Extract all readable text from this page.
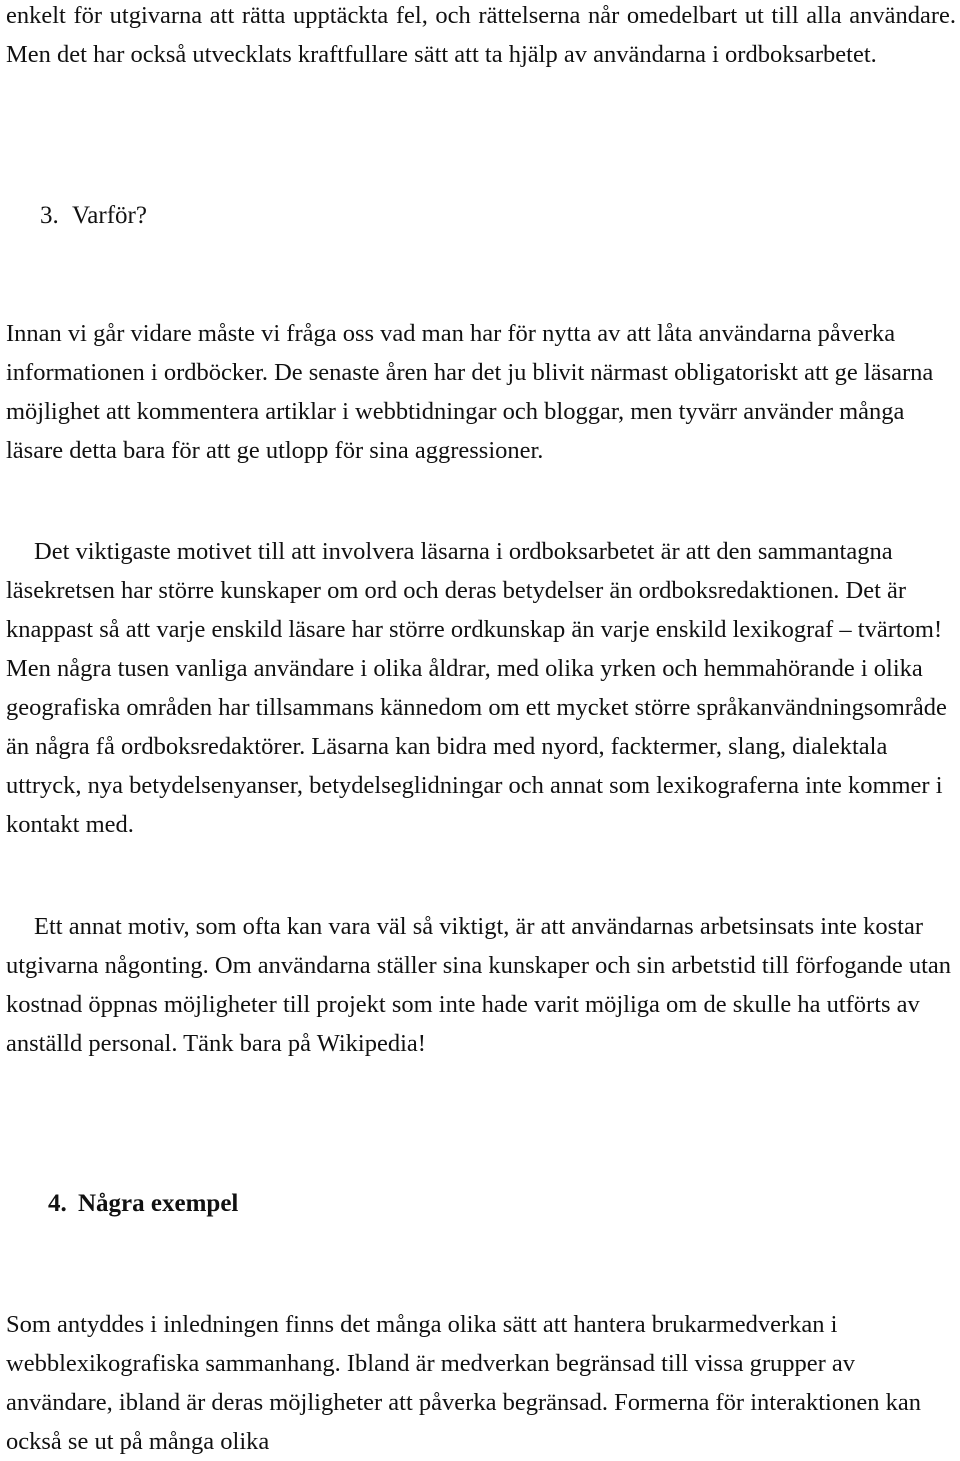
enkelt för utgivarna att rätta upptäckta fel, och rättelserna når omedelbart ut till alla användare. Men det har också utvecklats kraftfullare sätt att ta hjälp av användarna i ordboksarbetet.

3. Varför?

Innan vi går vidare måste vi fråga oss vad man har för nytta av att låta användarna påverka informationen i ordböcker. De senaste åren har det ju blivit närmast obligatoriskt att ge läsarna möjlighet att kommentera artiklar i webbtidningar och bloggar, men tyvärr använder många läsare detta bara för att ge utlopp för sina aggressioner.

Det viktigaste motivet till att involvera läsarna i ordboksarbetet är att den sammantagna läsekretsen har större kunskaper om ord och deras betydelser än ordboksredaktionen. Det är knappast så att varje enskild läsare har större ordkunskap än varje enskild lexikograf – tvärtom! Men några tusen vanliga användare i olika åldrar, med olika yrken och hemmahörande i olika geografiska områden har tillsammans kännedom om ett mycket större språkanvändningsområde än några få ordboksredaktörer. Läsarna kan bidra med nyord, facktermer, slang, dialektala uttryck, nya betydelsenyanser, betydelseglidningar och annat som lexikograferna inte kommer i kontakt med.

Ett annat motiv, som ofta kan vara väl så viktigt, är att användarnas arbetsinsats inte kostar utgivarna någonting. Om användarna ställer sina kunskaper och sin arbetstid till förfogande utan kostnad öppnas möjligheter till projekt som inte hade varit möjliga om de skulle ha utförts av anställd personal. Tänk bara på Wikipedia!

4. Några exempel

Som antyddes i inledningen finns det många olika sätt att hantera brukarmedverkan i webblexikografiska sammanhang. Ibland är medverkan begränsad till vissa grupper av användare, ibland är deras möjligheter att påverka begränsad. Formerna för interaktionen kan också se ut på många olika
